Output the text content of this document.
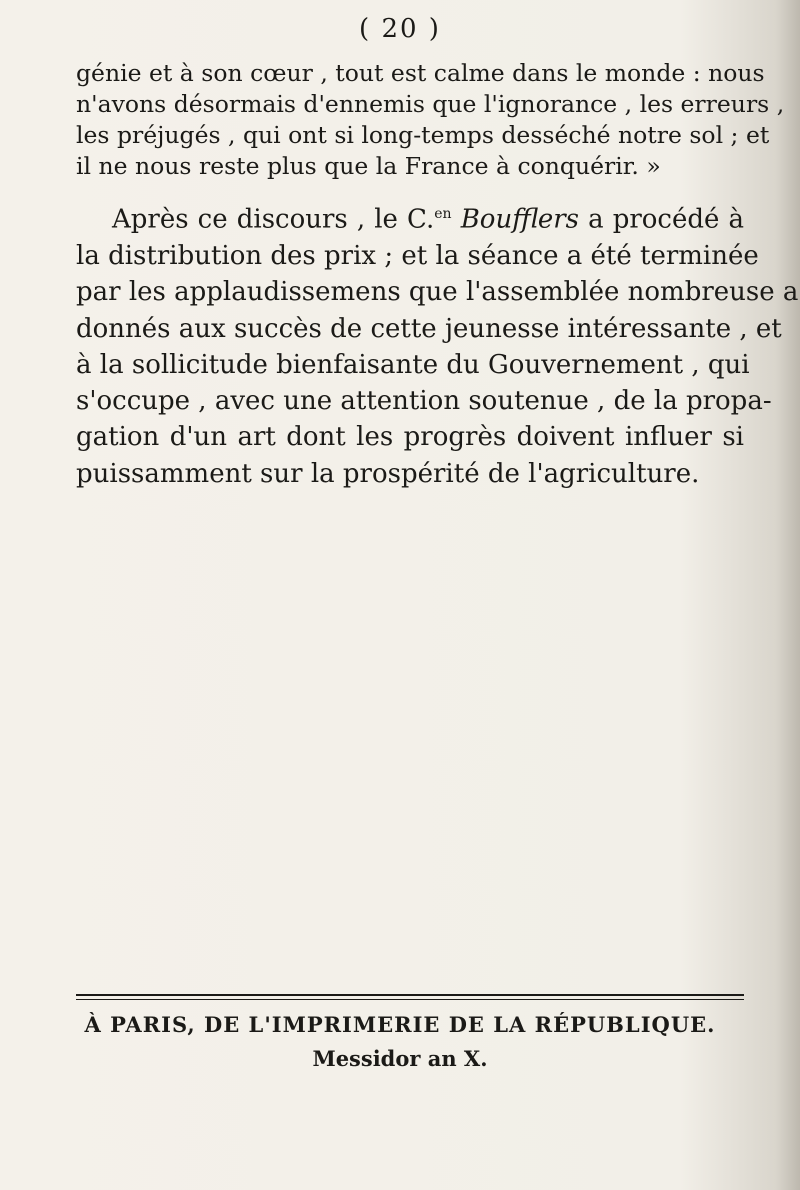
( 20 )
génie et à son cœur , tout est calme dans le monde : nous
n'avons désormais d'ennemis que l'ignorance , les erreurs ,
les préjugés , qui ont si long-temps desséché notre sol ; et
il ne nous reste plus que la France à conquérir. »
Après ce discours , le C.$^{en}$ Boufflers a procédé à
la distribution des prix ; et la séance a été terminée
par les applaudissemens que l'assemblée nombreuse a
donnés aux succès de cette jeunesse intéressante , et
à la sollicitude bienfaisante du Gouvernement , qui
s'occupe , avec une attention soutenue , de la propa-
gation d'un art dont les progrès doivent influer si
puissamment sur la prospérité de l'agriculture.
À PARIS, DE L'IMPRIMERIE DE LA RÉPUBLIQUE.
Messidor an X.
